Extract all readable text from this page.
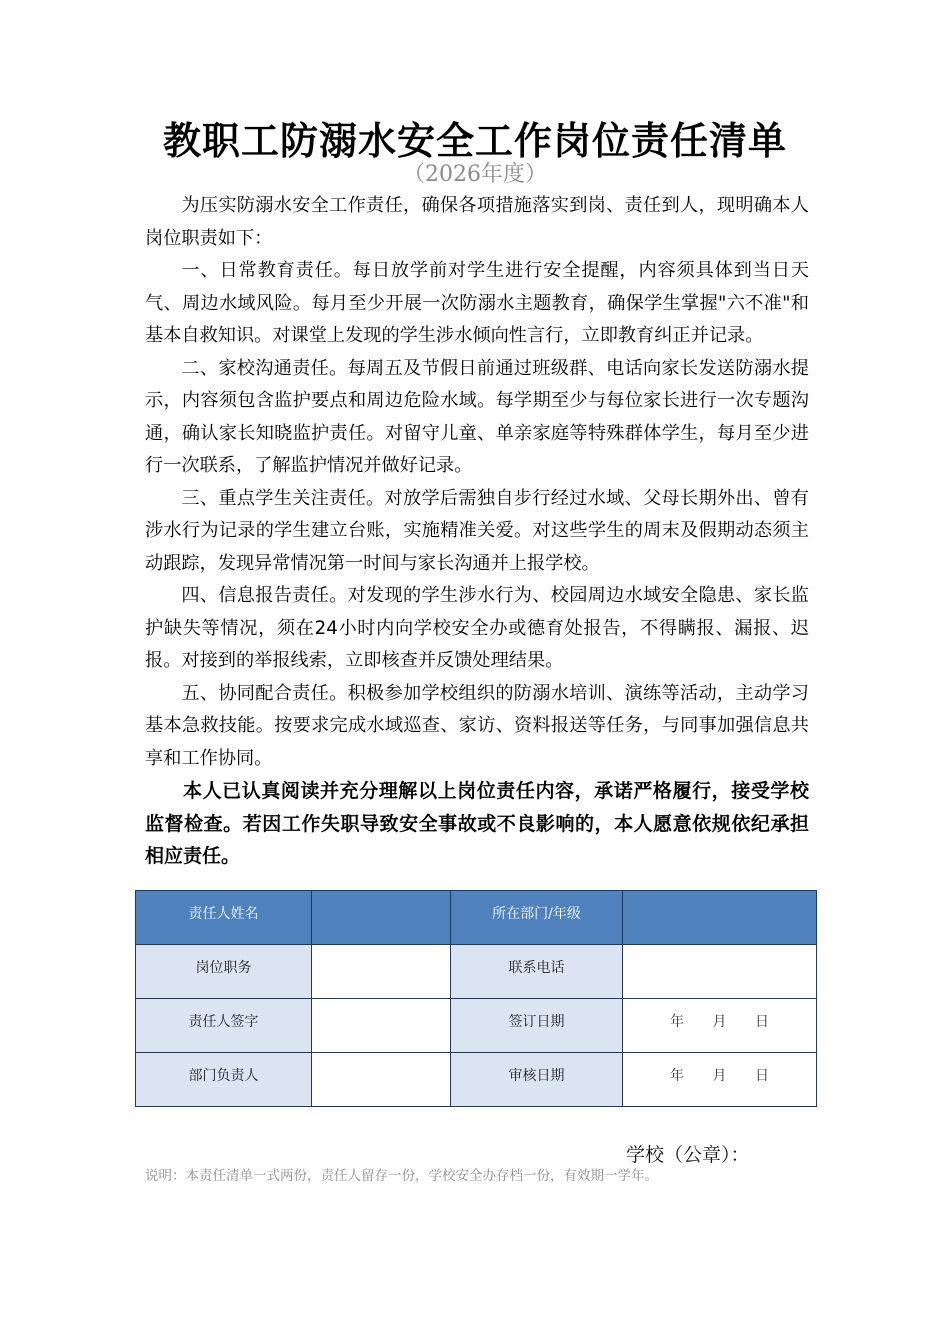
教职工防溺水安全工作岗位责任清单
（2026年度）

为压实防溺水安全工作责任，确保各项措施落实到岗、责任到人，现明确本人岗位职责如下：

一、日常教育责任。每日放学前对学生进行安全提醒，内容须具体到当日天气、周边水域风险。每月至少开展一次防溺水主题教育，确保学生掌握"六不准"和基本自救知识。对课堂上发现的学生涉水倾向性言行，立即教育纠正并记录。

二、家校沟通责任。每周五及节假日前通过班级群、电话向家长发送防溺水提示，内容须包含监护要点和周边危险水域。每学期至少与每位家长进行一次专题沟通，确认家长知晓监护责任。对留守儿童、单亲家庭等特殊群体学生，每月至少进行一次联系，了解监护情况并做好记录。

三、重点学生关注责任。对放学后需独自步行经过水域、父母长期外出、曾有涉水行为记录的学生建立台账，实施精准关爱。对这些学生的周末及假期动态须主动跟踪，发现异常情况第一时间与家长沟通并上报学校。

四、信息报告责任。对发现的学生涉水行为、校园周边水域安全隐患、家长监护缺失等情况，须在24小时内向学校安全办或德育处报告，不得瞒报、漏报、迟报。对接到的举报线索，立即核查并反馈处理结果。

五、协同配合责任。积极参加学校组织的防溺水培训、演练等活动，主动学习基本急救技能。按要求完成水域巡查、家访、资料报送等任务，与同事加强信息共享和工作协同。

本人已认真阅读并充分理解以上岗位责任内容，承诺严格履行，接受学校监督检查。若因工作失职导致安全事故或不良影响的，本人愿意依规依纪承担相应责任。

责任人姓名		所在部门/年级	
岗位职务		联系电话	
责任人签字		签订日期	年 月 日
部门负责人		审核日期	年 月 日
学校（公章）：
说明：本责任清单一式两份，责任人留存一份，学校安全办存档一份，有效期一学年。
